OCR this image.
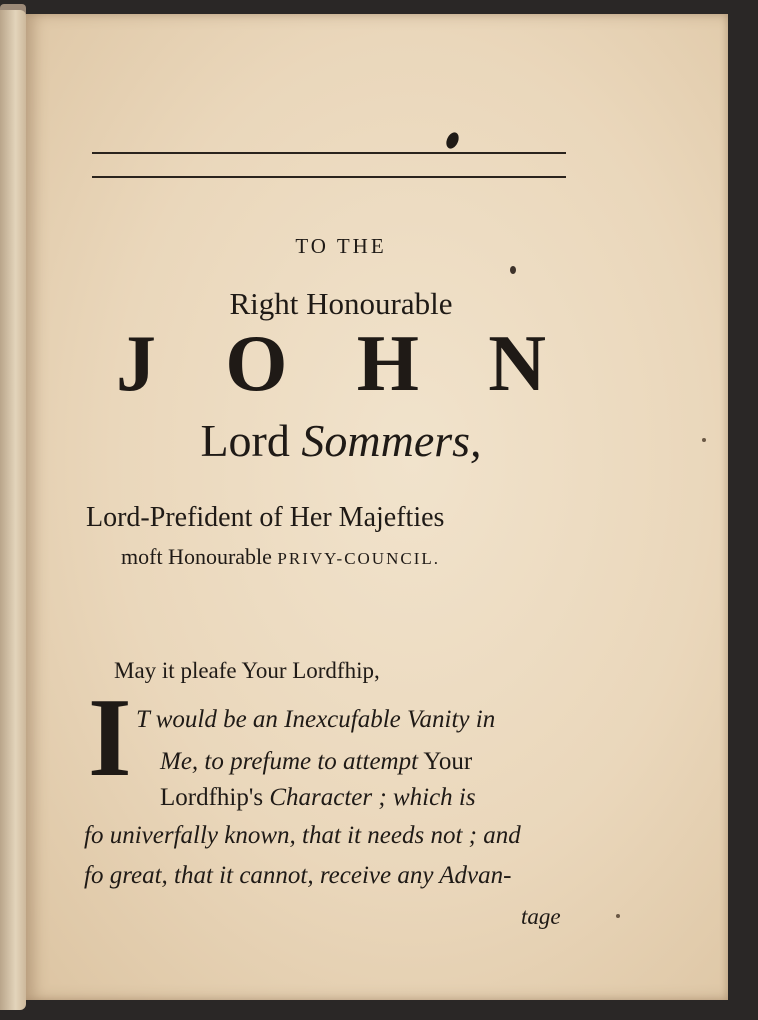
TO THE
Right Honourable
J O H N
Lord Sommers,
Lord-Prefident of Her Majefties
moft Honourable PRIVY-COUNCIL.
May it pleafe Your Lordfhip,
I T would be an Inexcufable Vanity in
Me, to prefume to attempt Your
Lordfhip's Character ; which is
fo univerfally known, that it needs not ; and
fo great, that it cannot, receive any Advan-
tage
